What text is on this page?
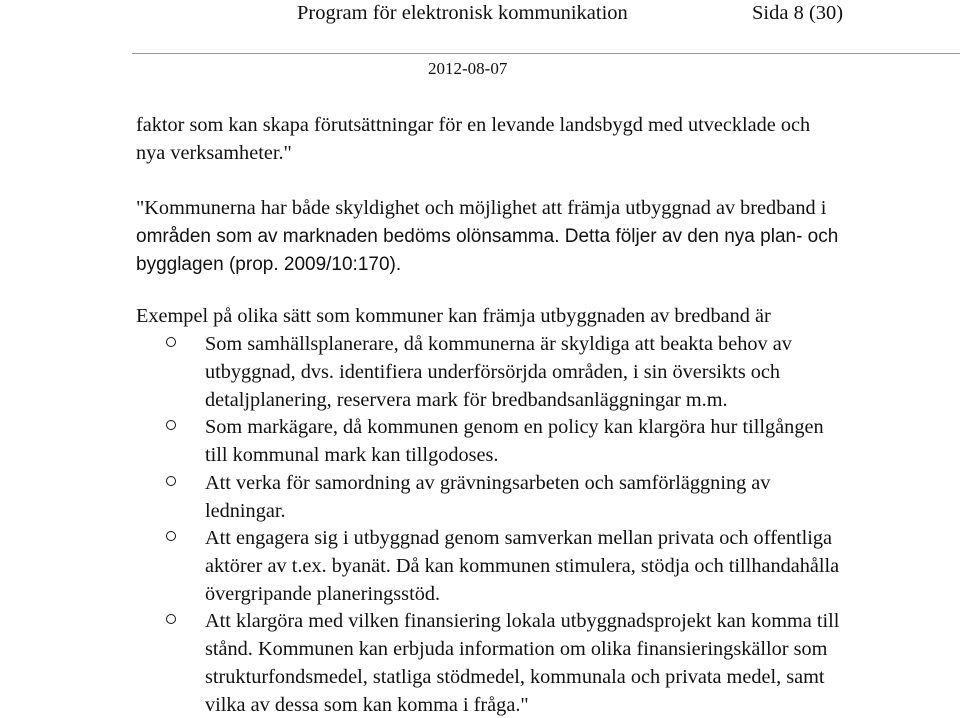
Program för elektronisk kommunikation	Sida 8 (30)
2012-08-07
faktor som kan skapa förutsättningar för en levande landsbygd med utvecklade och
nya verksamheter."
"Kommunerna har både skyldighet och möjlighet att främja utbyggnad av bredband i
områden som av marknaden bedöms olönsamma. Detta följer av den nya plan- och
bygglagen (prop. 2009/10:170).
Exempel på olika sätt som kommuner kan främja utbyggnaden av bredband är
Som samhällsplanerare, då kommunerna är skyldiga att beakta behov av
utbyggnad, dvs. identifiera underförsörjda områden, i sin översikts och
detaljplanering, reservera mark för bredbandsanläggningar m.m.
Som markägare, då kommunen genom en policy kan klargöra hur tillgången
till kommunal mark kan tillgodoses.
Att verka för samordning av grävningsarbeten och samförläggning av
ledningar.
Att engagera sig i utbyggnad genom samverkan mellan privata och offentliga
aktörer av t.ex. byanät. Då kan kommunen stimulera, stödja och tillhandahålla
övergripande planeringsstöd.
Att klargöra med vilken finansiering lokala utbyggnadsprojekt kan komma till
stånd. Kommunen kan erbjuda information om olika finansieringskällor som
strukturfondsmedel, statliga stödmedel, kommunala och privata medel, samt
vilka av dessa som kan komma i fråga."
